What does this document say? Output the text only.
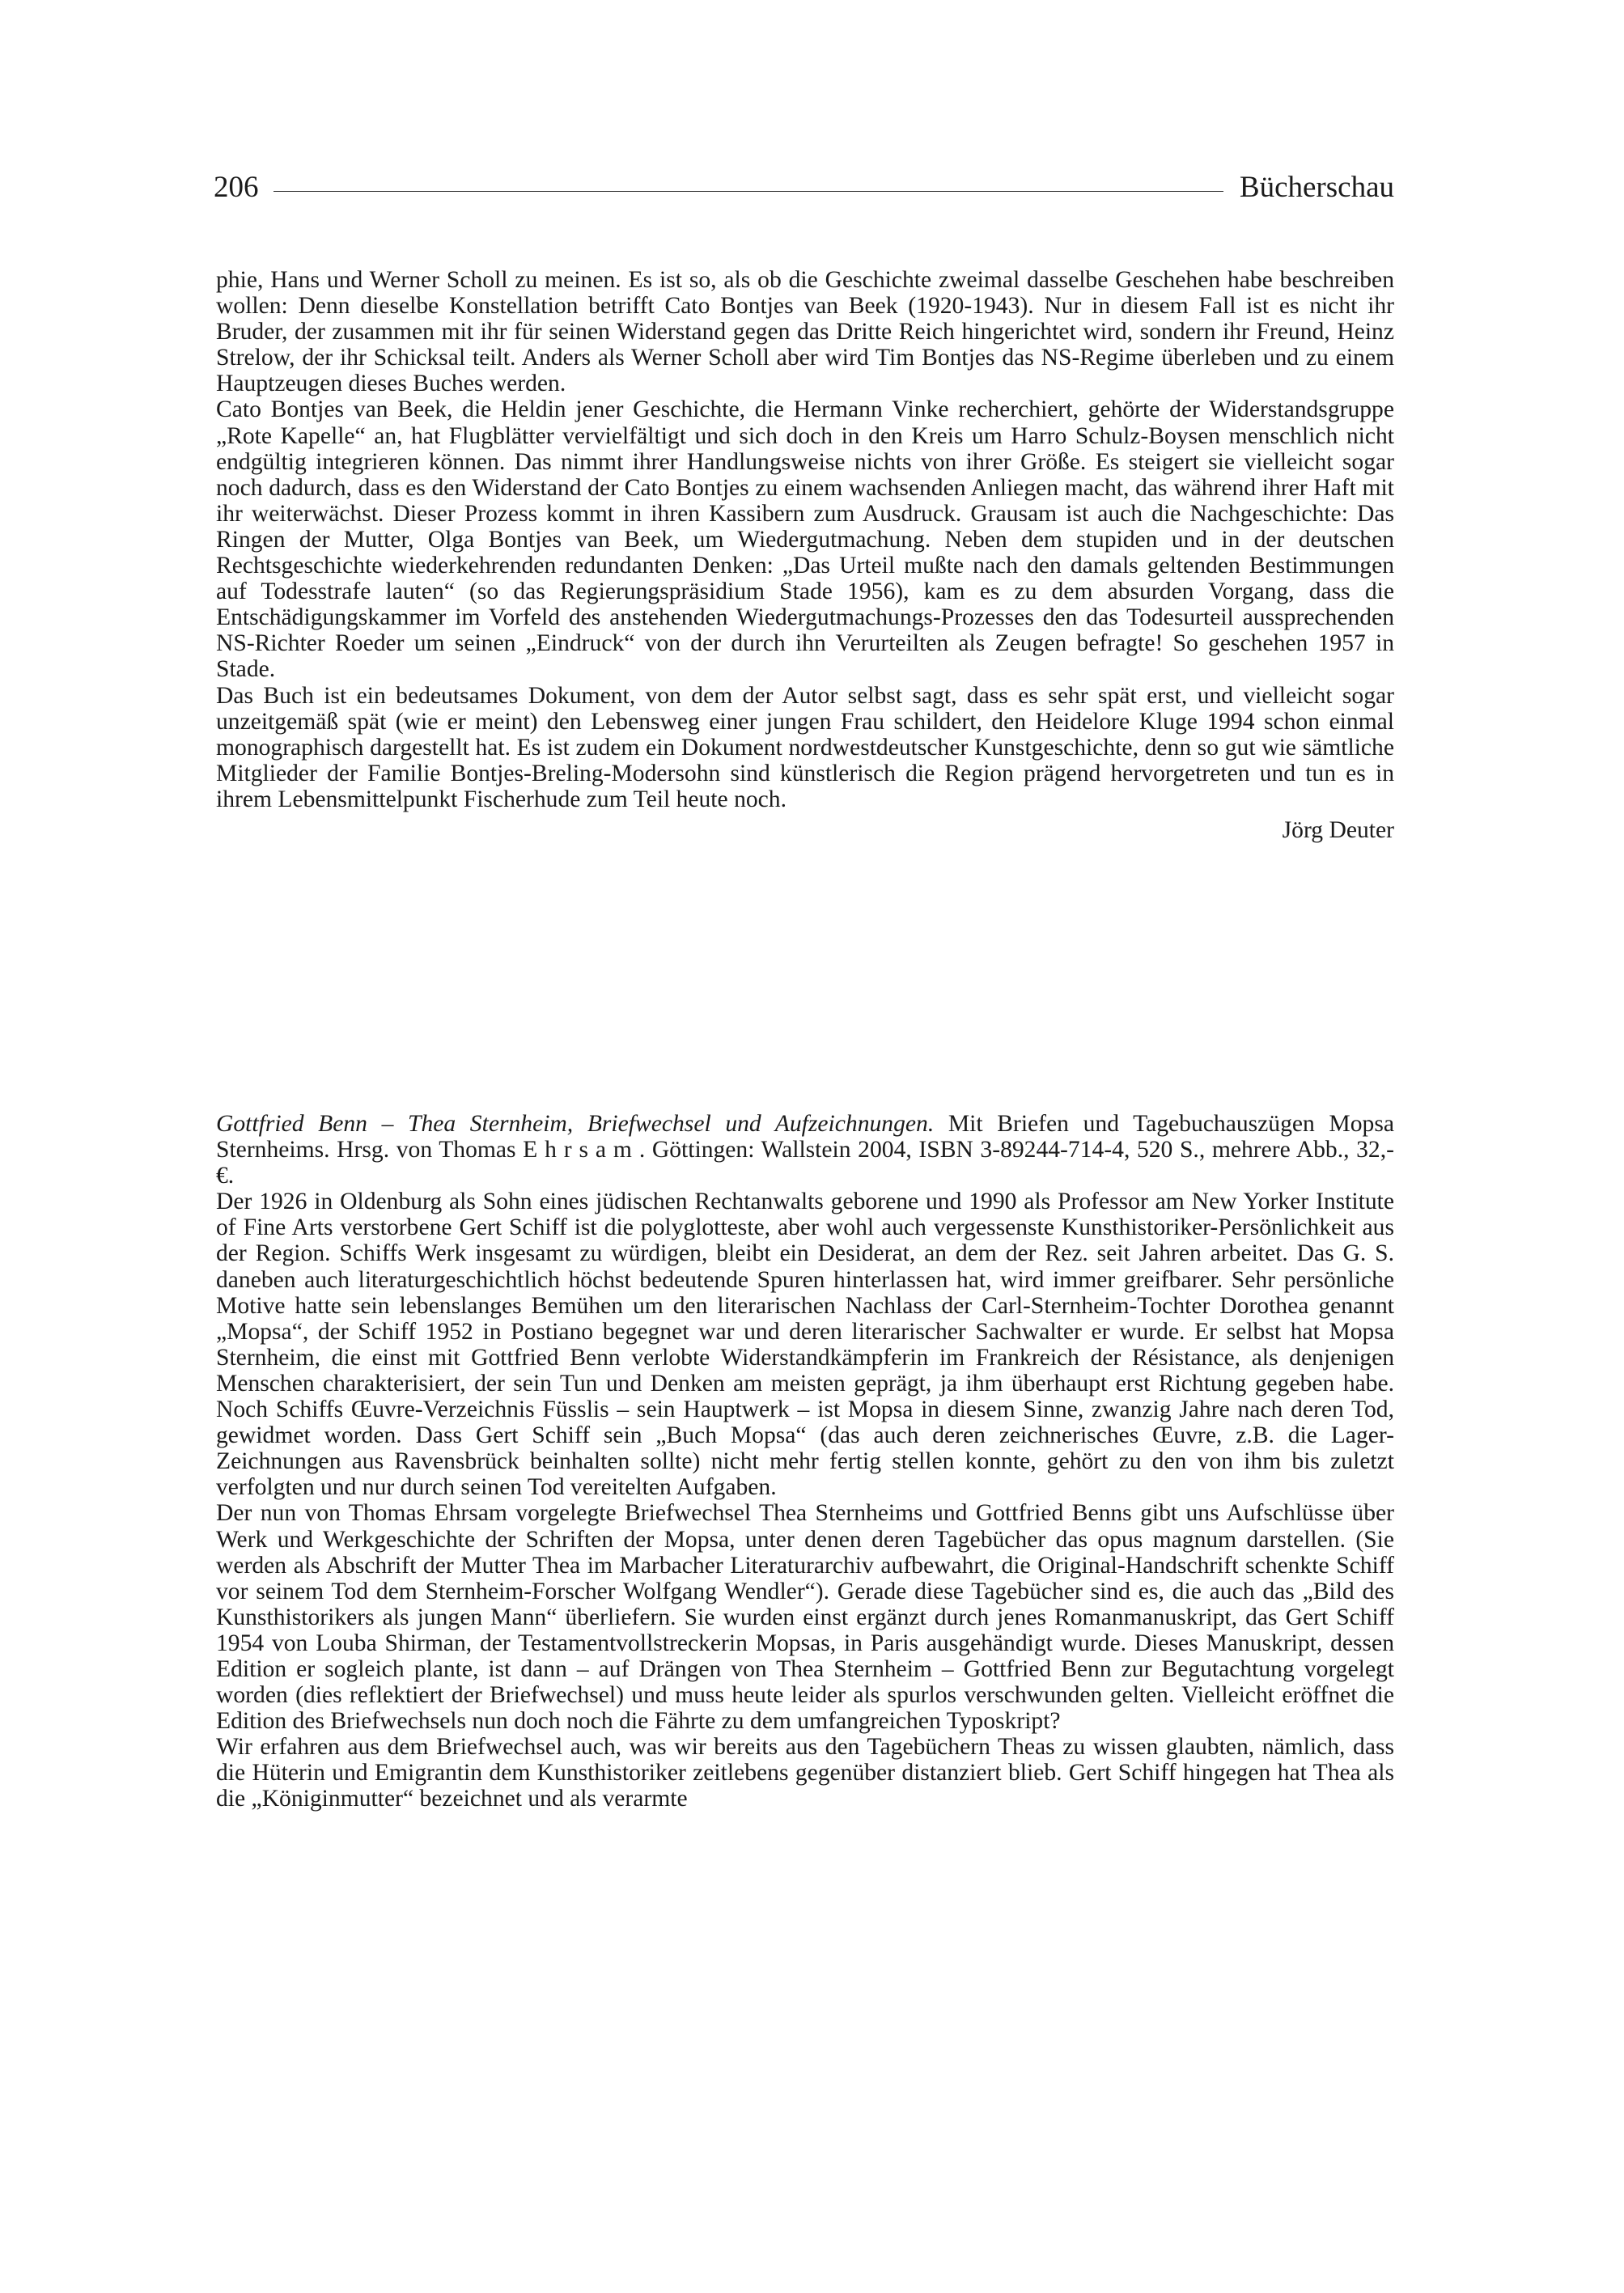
206	Bücherschau

phie, Hans und Werner Scholl zu meinen. Es ist so, als ob die Geschichte zweimal dasselbe Geschehen habe beschreiben wollen: Denn dieselbe Konstellation betrifft Cato Bontjes van Beek (1920-1943). Nur in diesem Fall ist es nicht ihr Bruder, der zusammen mit ihr für seinen Widerstand gegen das Dritte Reich hingerichtet wird, sondern ihr Freund, Heinz Strelow, der ihr Schicksal teilt. Anders als Werner Scholl aber wird Tim Bontjes das NS-Regime überleben und zu einem Hauptzeugen dieses Buches werden.

Cato Bontjes van Beek, die Heldin jener Geschichte, die Hermann Vinke recherchiert, gehörte der Widerstandsgruppe „Rote Kapelle“ an, hat Flugblätter vervielfältigt und sich doch in den Kreis um Harro Schulz-Boysen menschlich nicht endgültig integrieren können. Das nimmt ihrer Handlungsweise nichts von ihrer Größe. Es steigert sie vielleicht sogar noch dadurch, dass es den Widerstand der Cato Bontjes zu einem wachsenden Anliegen macht, das während ihrer Haft mit ihr weiterwächst. Dieser Prozess kommt in ihren Kassibern zum Ausdruck. Grausam ist auch die Nachgeschichte: Das Ringen der Mutter, Olga Bontjes van Beek, um Wiedergutmachung. Neben dem stupiden und in der deutschen Rechtsgeschichte wiederkehrenden redundanten Denken: „Das Urteil mußte nach den damals geltenden Bestimmungen auf Todesstrafe lauten“ (so das Regierungspräsidium Stade 1956), kam es zu dem absurden Vorgang, dass die Entschädigungskammer im Vorfeld des anstehenden Wiedergutmachungs-Prozesses den das Todesurteil aussprechenden NS-Richter Roeder um seinen „Eindruck“ von der durch ihn Verurteilten als Zeugen befragte! So geschehen 1957 in Stade.

Das Buch ist ein bedeutsames Dokument, von dem der Autor selbst sagt, dass es sehr spät erst, und vielleicht sogar unzeitgemäß spät (wie er meint) den Lebensweg einer jungen Frau schildert, den Heidelore Kluge 1994 schon einmal monographisch dargestellt hat. Es ist zudem ein Dokument nordwestdeutscher Kunstgeschichte, denn so gut wie sämtliche Mitglieder der Familie Bontjes-Breling-Modersohn sind künstlerisch die Region prägend hervorgetreten und tun es in ihrem Lebensmittelpunkt Fischerhude zum Teil heute noch.

Jörg Deuter

Gottfried Benn – Thea Sternheim, Briefwechsel und Aufzeichnungen. Mit Briefen und Tagebuchauszügen Mopsa Sternheims. Hrsg. von Thomas Ehrsam. Göttingen: Wallstein 2004, ISBN 3-89244-714-4, 520 S., mehrere Abb., 32,- €.

Der 1926 in Oldenburg als Sohn eines jüdischen Rechtanwalts geborene und 1990 als Professor am New Yorker Institute of Fine Arts verstorbene Gert Schiff ist die polyglotteste, aber wohl auch vergessenste Kunsthistoriker-Persönlichkeit aus der Region. Schiffs Werk insgesamt zu würdigen, bleibt ein Desiderat, an dem der Rez. seit Jahren arbeitet. Das G. S. daneben auch literaturgeschichtlich höchst bedeutende Spuren hinterlassen hat, wird immer greifbarer. Sehr persönliche Motive hatte sein lebenslanges Bemühen um den literarischen Nachlass der Carl-Sternheim-Tochter Dorothea genannt „Mopsa“, der Schiff 1952 in Postiano begegnet war und deren literarischer Sachwalter er wurde. Er selbst hat Mopsa Sternheim, die einst mit Gottfried Benn verlobte Widerstandkämpferin im Frankreich der Résistance, als denjenigen Menschen charakterisiert, der sein Tun und Denken am meisten geprägt, ja ihm überhaupt erst Richtung gegeben habe. Noch Schiffs Œuvre-Verzeichnis Füsslis – sein Hauptwerk – ist Mopsa in diesem Sinne, zwanzig Jahre nach deren Tod, gewidmet worden. Dass Gert Schiff sein „Buch Mopsa“ (das auch deren zeichnerisches Œuvre, z.B. die Lager-Zeichnungen aus Ravensbrück beinhalten sollte) nicht mehr fertig stellen konnte, gehört zu den von ihm bis zuletzt verfolgten und nur durch seinen Tod vereitelten Aufgaben.

Der nun von Thomas Ehrsam vorgelegte Briefwechsel Thea Sternheims und Gottfried Benns gibt uns Aufschlüsse über Werk und Werkgeschichte der Schriften der Mopsa, unter denen deren Tagebücher das opus magnum darstellen. (Sie werden als Abschrift der Mutter Thea im Marbacher Literaturarchiv aufbewahrt, die Original-Handschrift schenkte Schiff vor seinem Tod dem Sternheim-Forscher Wolfgang Wendler“). Gerade diese Tagebücher sind es, die auch das „Bild des Kunsthistorikers als jungen Mann“ überliefern. Sie wurden einst ergänzt durch jenes Romanmanuskript, das Gert Schiff 1954 von Louba Shirman, der Testamentvollstreckerin Mopsas, in Paris ausgehändigt wurde. Dieses Manuskript, dessen Edition er sogleich plante, ist dann – auf Drängen von Thea Sternheim – Gottfried Benn zur Begutachtung vorgelegt worden (dies reflektiert der Briefwechsel) und muss heute leider als spurlos verschwunden gelten. Vielleicht eröffnet die Edition des Briefwechsels nun doch noch die Fährte zu dem umfangreichen Typoskript?

Wir erfahren aus dem Briefwechsel auch, was wir bereits aus den Tagebüchern Theas zu wissen glaubten, nämlich, dass die Hüterin und Emigrantin dem Kunsthistoriker zeitlebens gegenüber distanziert blieb. Gert Schiff hingegen hat Thea als die „Königinmutter“ bezeichnet und als verarmte
